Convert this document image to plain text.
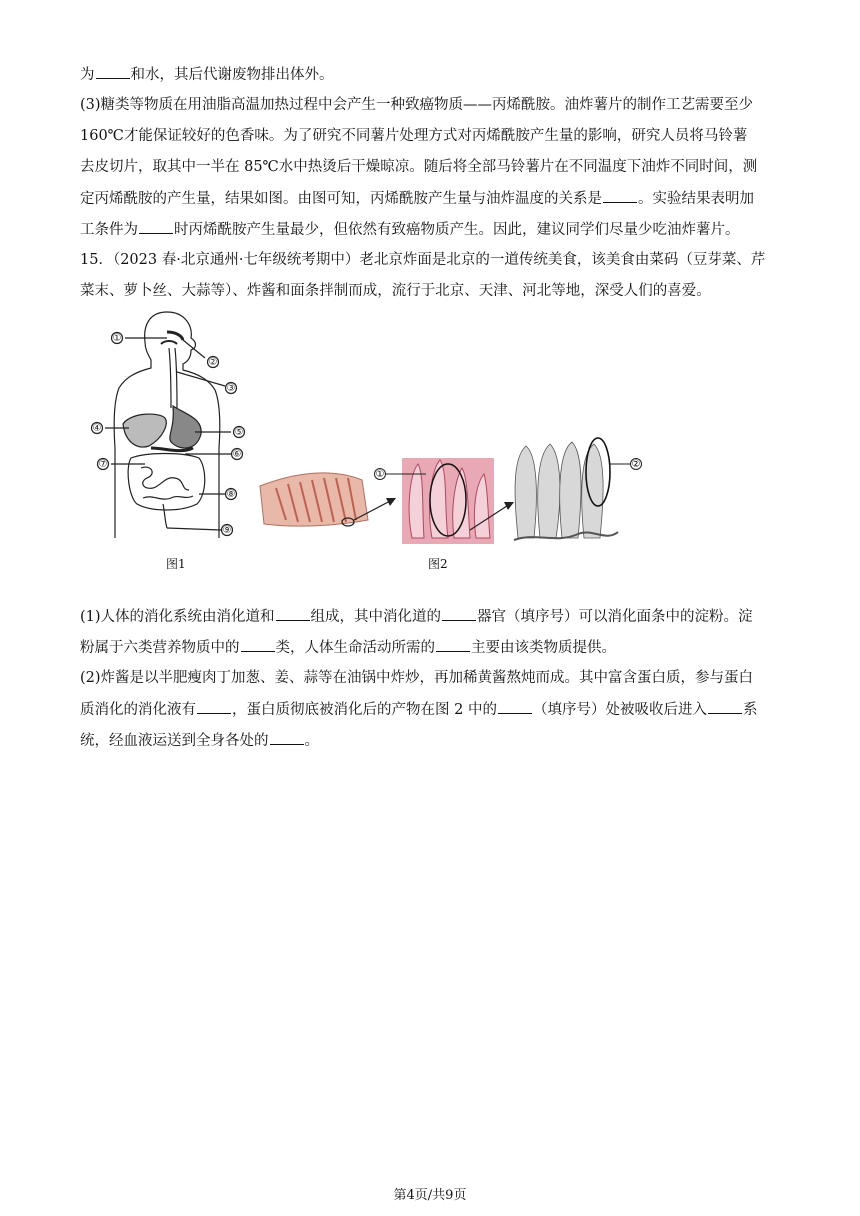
为 和水，其后代谢废物排出体外。
(3)糖类等物质在用油脂高温加热过程中会产生一种致癌物质——丙烯酰胺。油炸薯片的制作工艺需要至少
160℃才能保证较好的色香味。为了研究不同薯片处理方式对丙烯酰胺产生量的影响，研究人员将马铃薯
去皮切片，取其中一半在 85℃水中热烫后干燥晾凉。随后将全部马铃薯片在不同温度下油炸不同时间，测
定丙烯酰胺的产生量，结果如图。由图可知，丙烯酰胺产生量与油炸温度的关系是 。实验结果表明加
工条件为 时丙烯酰胺产生量最少，但依然有致癌物质产生。因此，建议同学们尽量少吃油炸薯片。
15．（2023 春·北京通州·七年级统考期中）老北京炸面是北京的一道传统美食，该美食由菜码（豆芽菜、芹
菜末、萝卜丝、大蒜等）、炸酱和面条拌制而成，流行于北京、天津、河北等地，深受人们的喜爱。
①
②
③
④	⑤
⑥
⑦
⑧
⑨
图1
①
②
图2
(1)人体的消化系统由消化道和 组成，其中消化道的 器官（填序号）可以消化面条中的淀粉。淀
粉属于六类营养物质中的 类，人体生命活动所需的 主要由该类物质提供。
(2)炸酱是以半肥瘦肉丁加葱、姜、蒜等在油锅中炸炒，再加稀黄酱熬炖而成。其中富含蛋白质，参与蛋白
质消化的消化液有 ，蛋白质彻底被消化后的产物在图 2 中的 （填序号）处被吸收后进入 系
统，经血液运送到全身各处的 。
第4页/共9页
